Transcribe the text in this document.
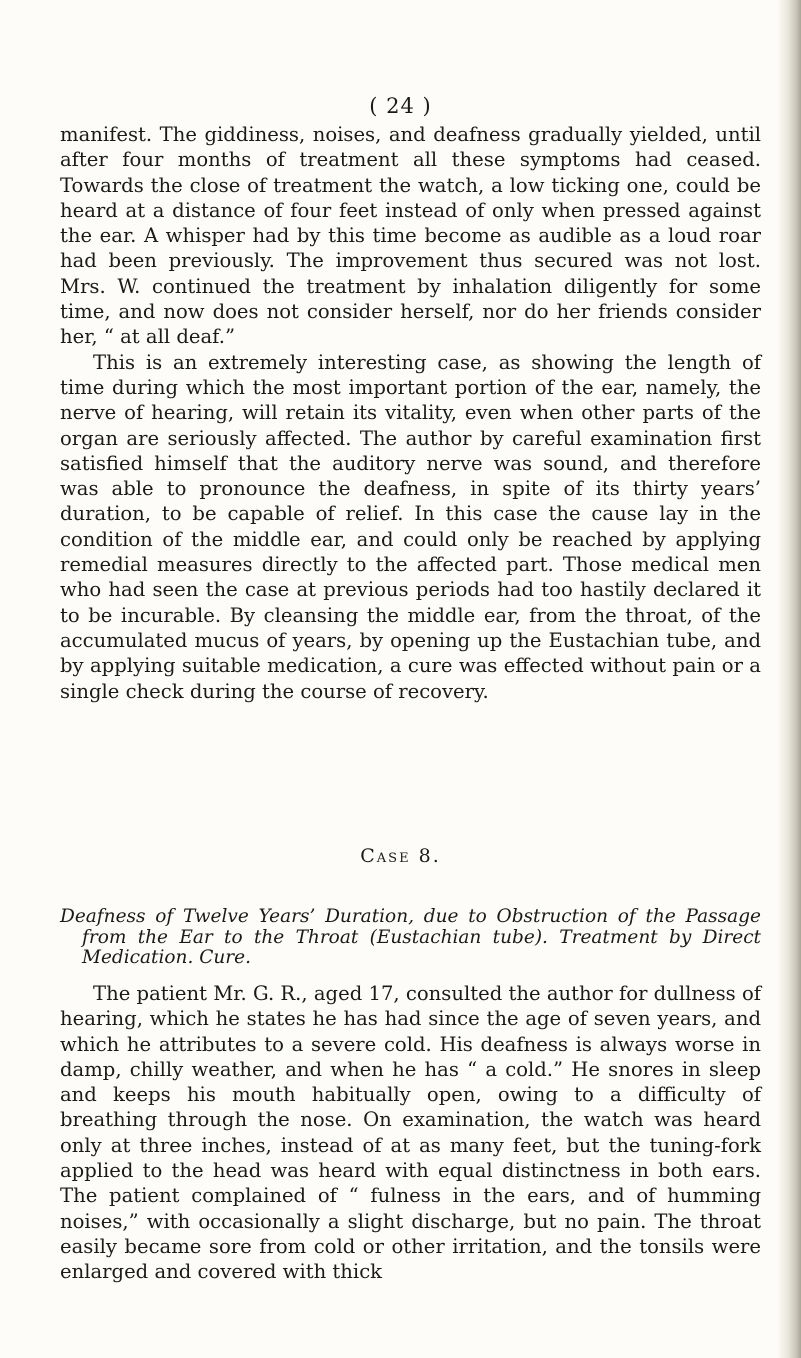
( 24 )

manifest. The giddiness, noises, and deafness gradually yielded, until after four months of treatment all these symptoms had ceased. Towards the close of treatment the watch, a low ticking one, could be heard at a distance of four feet instead of only when pressed against the ear. A whisper had by this time become as audible as a loud roar had been previously. The improvement thus secured was not lost. Mrs. W. continued the treatment by inhalation diligently for some time, and now does not consider herself, nor do her friends consider her, “ at all deaf.”

This is an extremely interesting case, as showing the length of time during which the most important portion of the ear, namely, the nerve of hearing, will retain its vitality, even when other parts of the organ are seriously affected. The author by careful examination first satisfied himself that the auditory nerve was sound, and therefore was able to pronounce the deafness, in spite of its thirty years’ duration, to be capable of relief. In this case the cause lay in the condition of the middle ear, and could only be reached by applying remedial measures directly to the affected part. Those medical men who had seen the case at previous periods had too hastily declared it to be incurable. By cleansing the middle ear, from the throat, of the accumulated mucus of years, by opening up the Eustachian tube, and by applying suitable medication, a cure was effected without pain or a single check during the course of recovery.

Case 8.
Deafness of Twelve Years’ Duration, due to Obstruction of the Passage from the Ear to the Throat (Eustachian tube). Treatment by Direct Medication. Cure.

The patient Mr. G. R., aged 17, consulted the author for dullness of hearing, which he states he has had since the age of seven years, and which he attributes to a severe cold. His deafness is always worse in damp, chilly weather, and when he has “ a cold.” He snores in sleep and keeps his mouth habitually open, owing to a difficulty of breathing through the nose. On examination, the watch was heard only at three inches, instead of at as many feet, but the tuning-fork applied to the head was heard with equal distinctness in both ears. The patient complained of “ fulness in the ears, and of humming noises,” with occasionally a slight discharge, but no pain. The throat easily became sore from cold or other irritation, and the tonsils were enlarged and covered with thick
